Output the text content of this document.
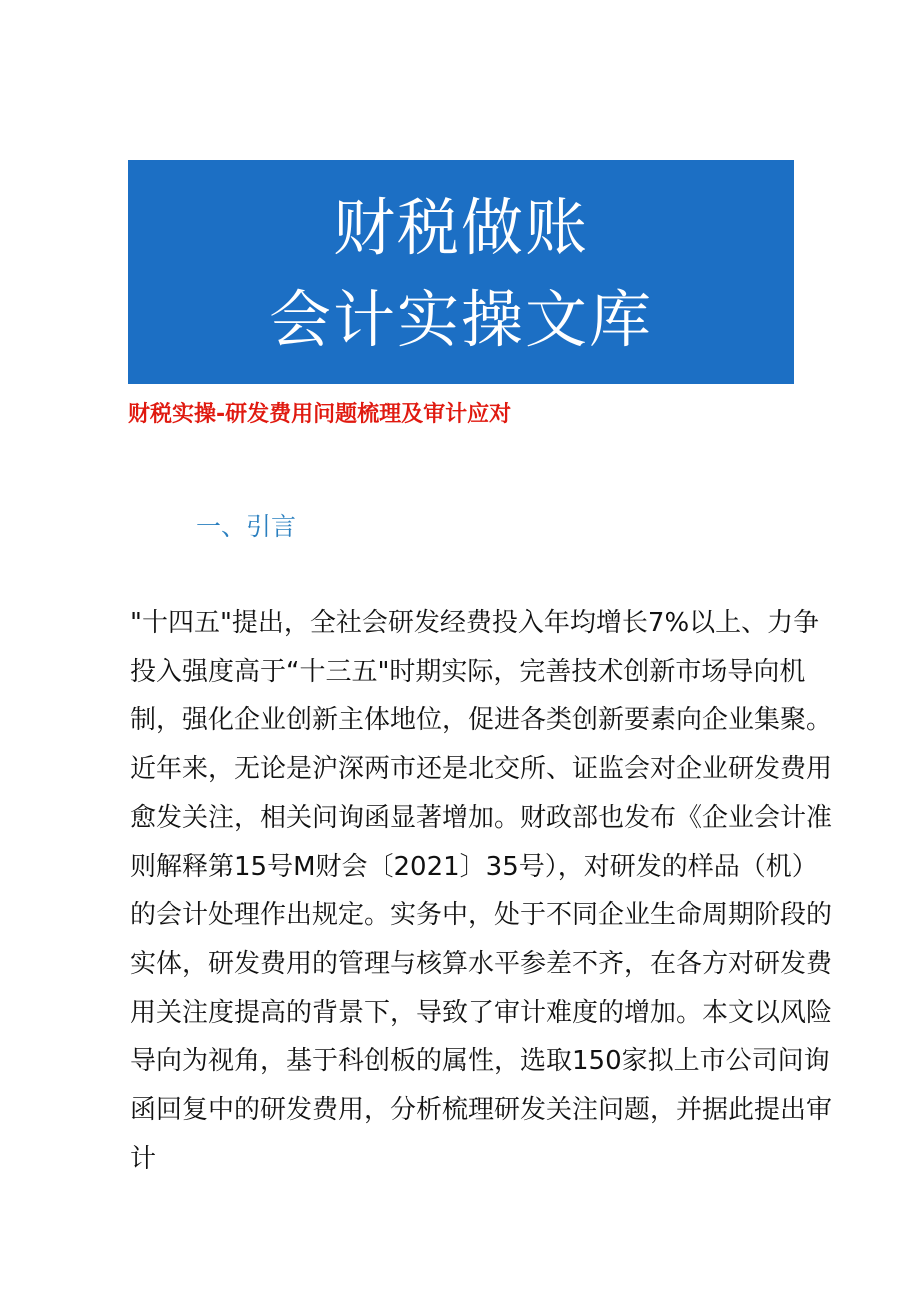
财税做账
会计实操文库
财税实操-研发费用问题梳理及审计应对
一、引言
"十四五"提出，全社会研发经费投入年均增长7%以上、力争
投入强度高于“十三五"时期实际，完善技术创新市场导向机
制，强化企业创新主体地位，促进各类创新要素向企业集聚。
近年来，无论是沪深两市还是北交所、证监会对企业研发费用
愈发关注，相关问询函显著增加。财政部也发布《企业会计准
则解释第15号M财会〔2021〕35号），对研发的样品（机）
的会计处理作出规定。实务中，处于不同企业生命周期阶段的
实体，研发费用的管理与核算水平参差不齐，在各方对研发费
用关注度提高的背景下，导致了审计难度的增加。本文以风险
导向为视角，基于科创板的属性，选取150家拟上市公司问询
函回复中的研发费用，分析梳理研发关注问题，并据此提出审
计
